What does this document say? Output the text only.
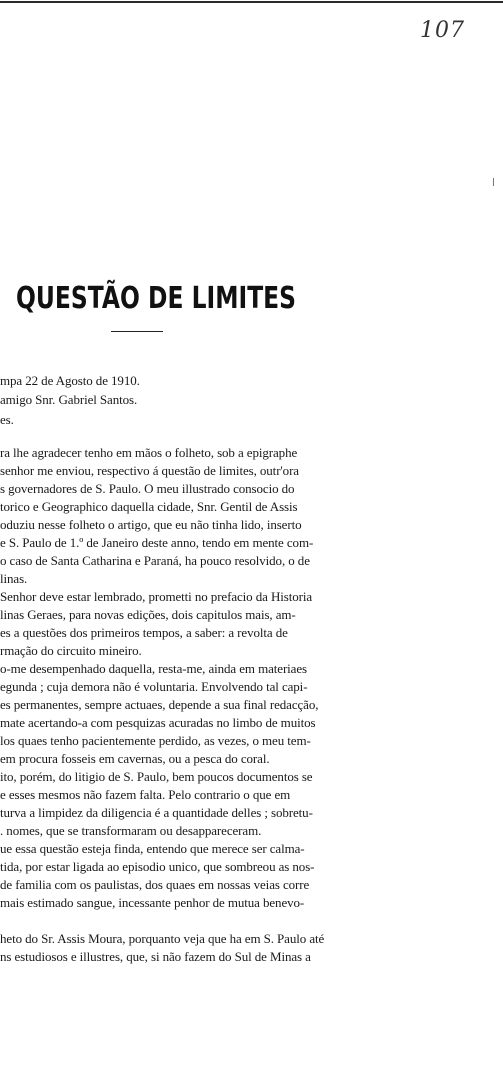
107
QUESTÃO DE LIMITES
mpa 22 de Agosto de 1910.
amigo Snr. Gabriel Santos.
es.
ra lhe agradecer tenho em mãos o folheto, sob a epigraphe
senhor me enviou, respectivo á questão de limites, outr'ora
s governadores de S. Paulo. O meu illustrado consocio do
torico e Geographico daquella cidade, Snr. Gentil de Assis
oduziu nesse folheto o artigo, que eu não tinha lido, inserto
e S. Paulo de 1.º de Janeiro deste anno, tendo em mente com-
o caso de Santa Catharina e Paraná, ha pouco resolvido, o de
linas.
Senhor deve estar lembrado, prometti no prefacio da Historia
linas Geraes, para novas edições, dois capitulos mais, am-
es a questões dos primeiros tempos, a saber: a revolta de
rmação do circuito mineiro.
o-me desempenhado daquella, resta-me, ainda em materiaes
egunda ; cuja demora não é voluntaria. Envolvendo tal capi-
es permanentes, sempre actuaes, depende a sua final redacção,
mate acertando-a com pesquizas acuradas no limbo de muitos
los quaes tenho pacientemente perdido, as vezes, o meu tem-
em procura fosseis em cavernas, ou a pesca do coral.
ito, porém, do litigio de S. Paulo, bem poucos documentos se
e esses mesmos não fazem falta. Pelo contrario o que em
turva a limpidez da diligencia é a quantidade delles ; sobretu-
. nomes, que se transformaram ou desappareceram.
ue essa questão esteja finda, entendo que merece ser calma-
tida, por estar ligada ao episodio unico, que sombreou as nos-
de familia com os paulistas, dos quaes em nossas veias corre
mais estimado sangue, incessante penhor de mutua benevo-
heto do Sr. Assis Moura, porquanto veja que ha em S. Paulo até
ns estudiosos e illustres, que, si não fazem do Sul de Minas a
